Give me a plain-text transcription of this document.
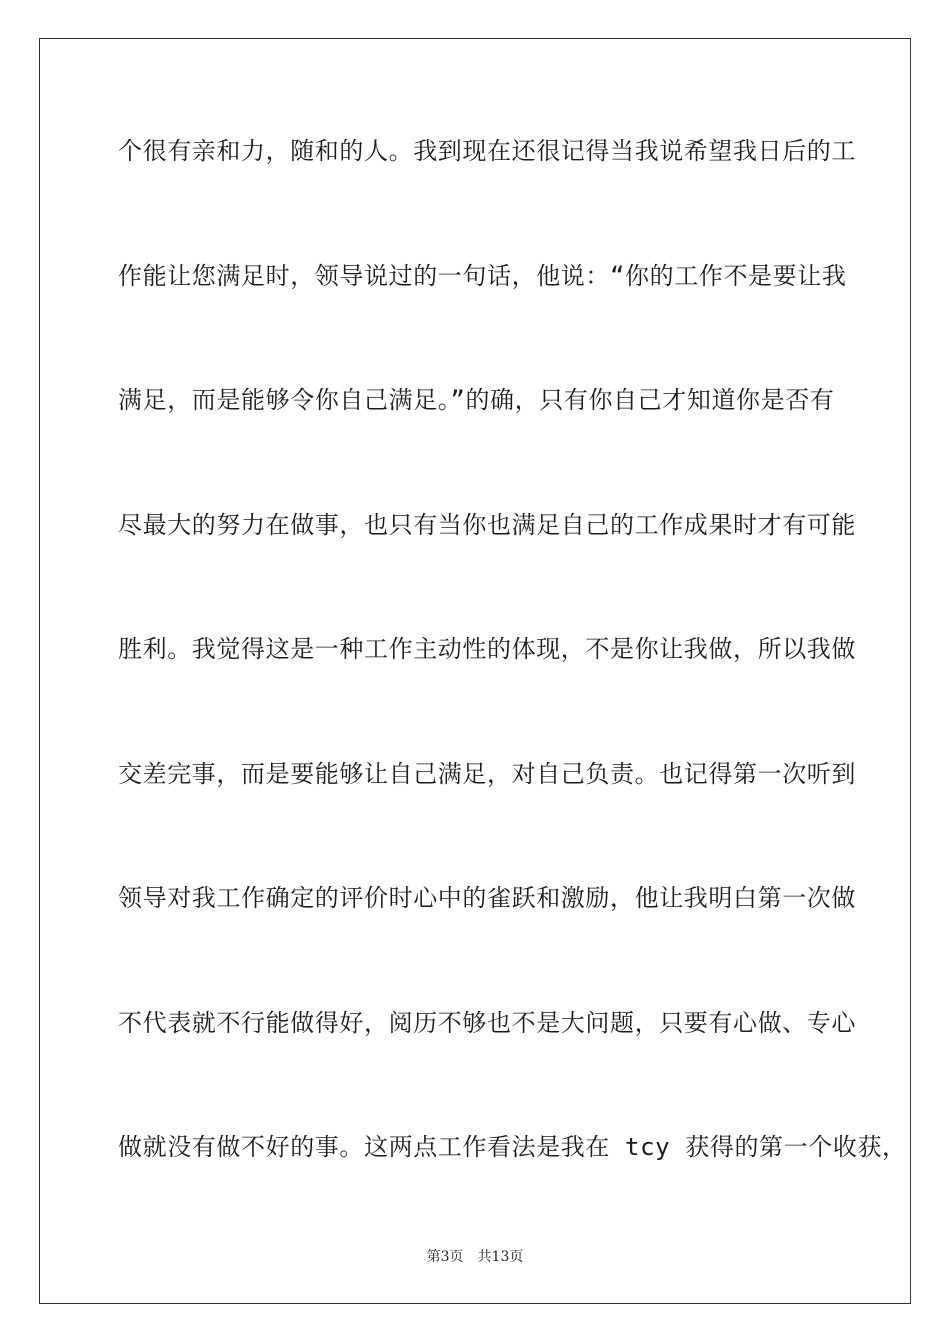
个很有亲和力，随和的人。我到现在还很记得当我说希望我日后的工

作能让您满足时，领导说过的一句话，他说：“你的工作不是要让我

满足，而是能够令你自己满足。”的确，只有你自己才知道你是否有

尽最大的努力在做事，也只有当你也满足自己的工作成果时才有可能

胜利。我觉得这是一种工作主动性的体现，不是你让我做，所以我做

交差完事，而是要能够让自己满足，对自己负责。也记得第一次听到

领导对我工作确定的评价时心中的雀跃和激励，他让我明白第一次做

不代表就不行能做得好，阅历不够也不是大问题，只要有心做、专心

做就没有做不好的事。这两点工作看法是我在 tcy 获得的第一个收获，

第3页 共13页
